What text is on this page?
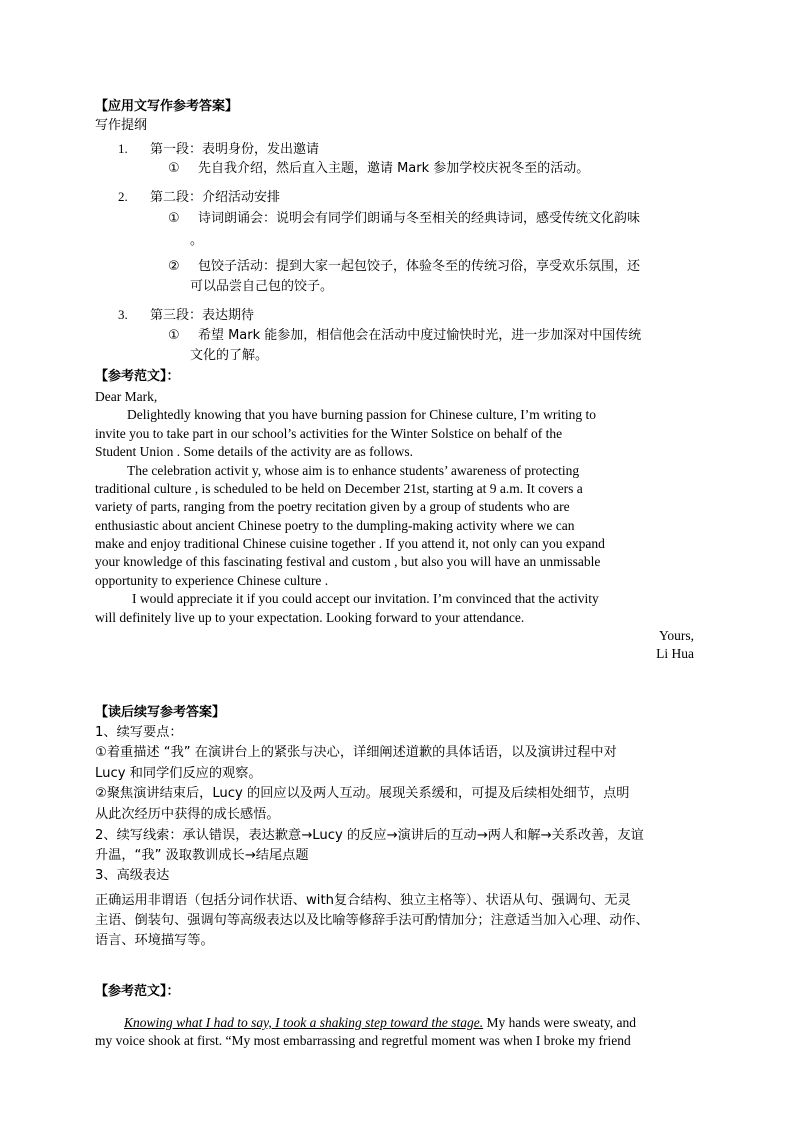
【应用文写作参考答案】
写作提纲
1. 第一段：表明身份，发出邀请
① 先自我介绍，然后直入主题，邀请 Mark 参加学校庆祝冬至的活动。
2. 第二段：介绍活动安排
① 诗词朗诵会：说明会有同学们朗诵与冬至相关的经典诗词，感受传统文化韵味
。
② 包饺子活动：提到大家一起包饺子，体验冬至的传统习俗，享受欢乐氛围，还
可以品尝自己包的饺子。
3. 第三段：表达期待
① 希望 Mark 能参加，相信他会在活动中度过愉快时光，进一步加深对中国传统
文化的了解。
【参考范文】：
Dear Mark,
Delightedly knowing that you have burning passion for Chinese culture, I’m writing to
invite you to take part in our school’s activities for the Winter Solstice on behalf of the
Student Union . Some details of the activity are as follows.
The celebration activit y, whose aim is to enhance students’ awareness of protecting
traditional culture , is scheduled to be held on December 21st, starting at 9 a.m. It covers a
variety of parts, ranging from the poetry recitation given by a group of students who are
enthusiastic about ancient Chinese poetry to the dumpling-making activity where we can
make and enjoy traditional Chinese cuisine together . If you attend it, not only can you expand
your knowledge of this fascinating festival and custom , but also you will have an unmissable
opportunity to experience Chinese culture .
I would appreciate it if you could accept our invitation. I’m convinced that the activity
will definitely live up to your expectation. Looking forward to your attendance.
Yours,
Li Hua
【读后续写参考答案】
1、续写要点：
①着重描述 “我” 在演讲台上的紧张与决心，详细阐述道歉的具体话语，以及演讲过程中对
Lucy 和同学们反应的观察。
②聚焦演讲结束后，Lucy 的回应以及两人互动。展现关系缓和，可提及后续相处细节，点明
从此次经历中获得的成长感悟。
2、续写线索：承认错误，表达歉意→Lucy 的反应→演讲后的互动→两人和解→关系改善，友谊
升温，“我” 汲取教训成长→结尾点题
3、高级表达
正确运用非谓语（包括分词作状语、with复合结构、独立主格等）、状语从句、强调句、无灵
主语、倒装句、强调句等高级表达以及比喻等修辞手法可酌情加分；注意适当加入心理、动作、
语言、环境描写等。
【参考范文】：
Knowing what I had to say, I took a shaking step toward the stage. My hands were sweaty, and
my voice shook at first. “My most embarrassing and regretful moment was when I broke my friend
